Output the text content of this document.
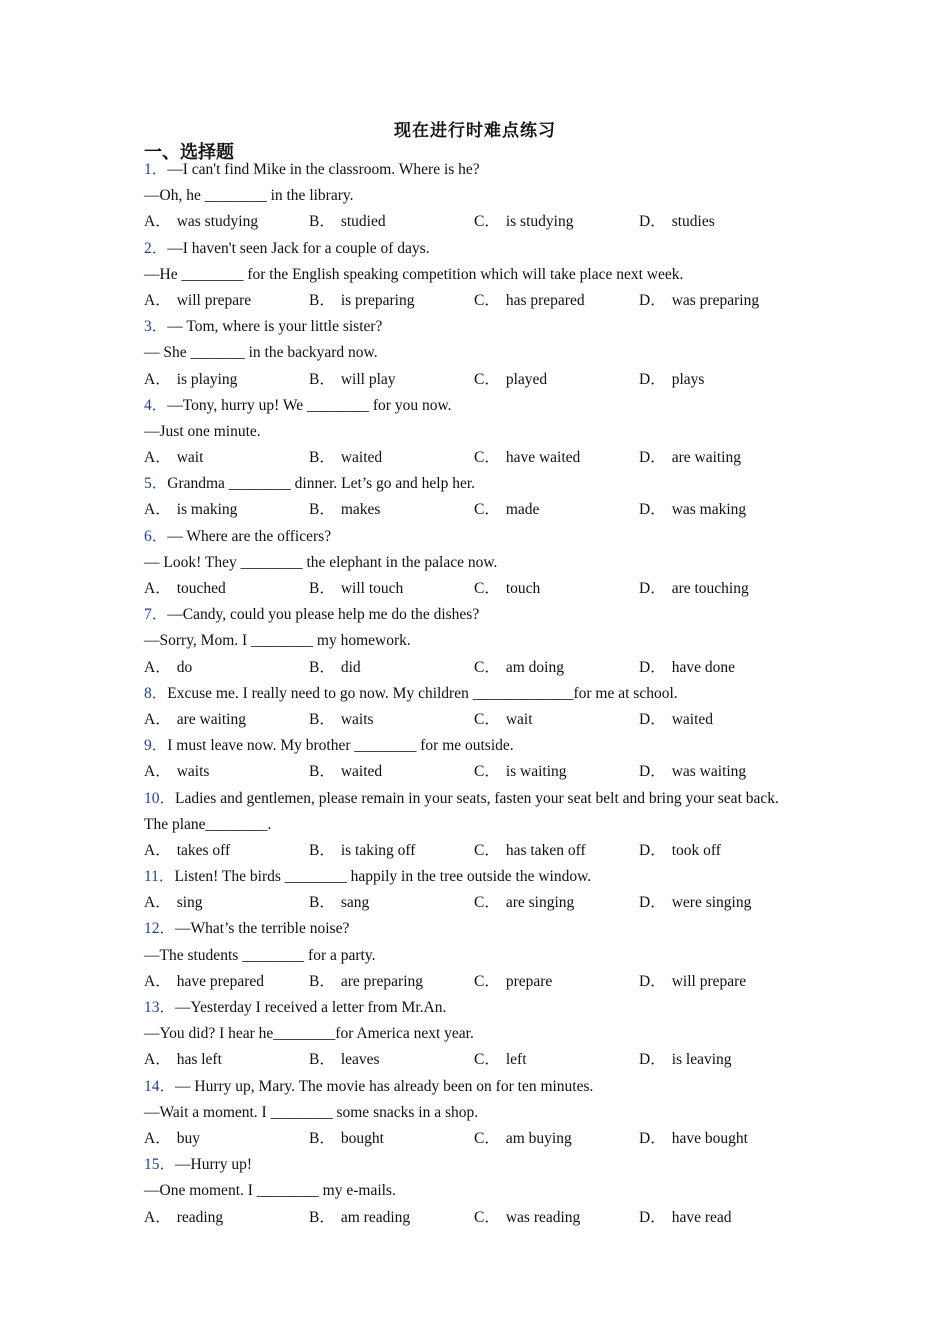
现在进行时难点练习
一、选择题
1．—I can't find Mike in the classroom. Where is he?
—Oh, he ________ in the library.
A． was studying	B． studied	C． is studying	D． studies
2．—I haven't seen Jack for a couple of days.
—He ________ for the English speaking competition which will take place next week.
A． will prepare	B． is preparing	C． has prepared	D． was preparing
3．— Tom, where is your little sister?
— She _______ in the backyard now.
A． is playing	B． will play	C． played	D． plays
4．—Tony, hurry up! We ________ for you now.
—Just one minute.
A． wait	B． waited	C． have waited	D． are waiting
5．Grandma ________ dinner. Let’s go and help her.
A． is making	B． makes	C． made	D． was making
6．— Where are the officers?
— Look! They ________ the elephant in the palace now.
A． touched	B． will touch	C． touch	D． are touching
7．—Candy, could you please help me do the dishes?
—Sorry, Mom. I ________ my homework.
A． do	B． did	C． am doing	D． have done
8．Excuse me. I really need to go now. My children _____________for me at school.
A． are waiting	B． waits	C． wait	D． waited
9．I must leave now. My brother ________ for me outside.
A． waits	B． waited	C． is waiting	D． was waiting
10．Ladies and gentlemen, please remain in your seats, fasten your seat belt and bring your seat back. The plane________.
A． takes off	B． is taking off	C． has taken off	D． took off
11．Listen! The birds ________ happily in the tree outside the window.
A． sing	B． sang	C． are singing	D． were singing
12．—What’s the terrible noise?
—The students ________ for a party.
A． have prepared	B． are preparing	C． prepare	D． will prepare
13．—Yesterday I received a letter from Mr.An.
—You did? I hear he________for America next year.
A． has left	B． leaves	C． left	D． is leaving
14．— Hurry up, Mary. The movie has already been on for ten minutes.
—Wait a moment. I ________ some snacks in a shop.
A． buy	B． bought	C． am buying	D． have bought
15．—Hurry up!
—One moment. I ________ my e-mails.
A． reading	B． am reading	C． was reading	D． have read
